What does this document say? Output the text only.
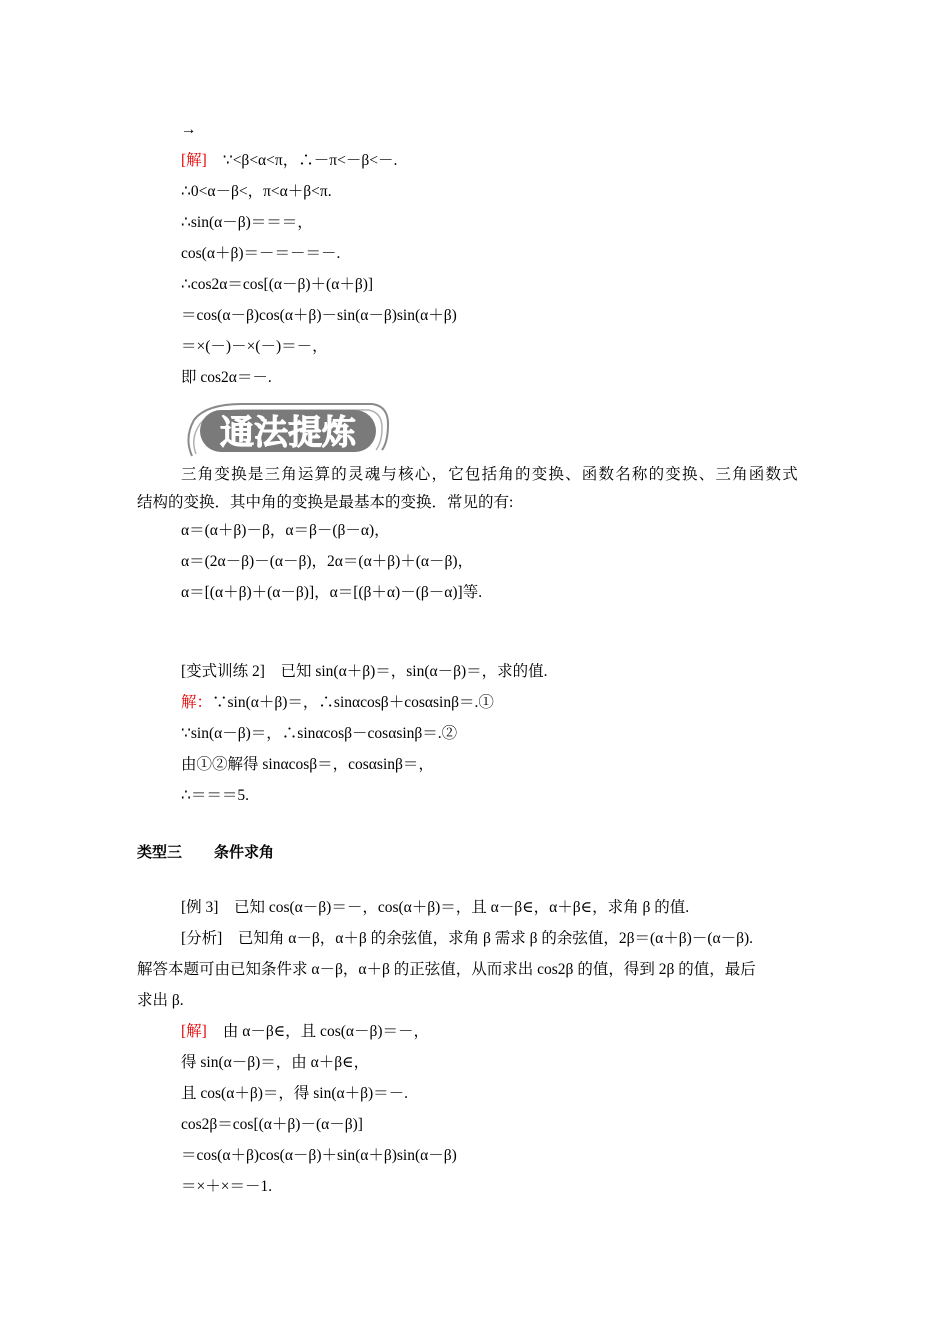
→
[解] ∵<β<α<π，∴－π<－β<－.
∴0<α－β<，π<α＋β<π.
∴sin(α－β)＝＝＝，
cos(α＋β)＝－＝－＝－.
∴cos2α＝cos[(α－β)＋(α＋β)]
＝cos(α－β)cos(α＋β)－sin(α－β)sin(α＋β)
＝×(－)－×(－)＝－，
即 cos2α＝－.
通法提炼
三角变换是三角运算的灵魂与核心，它包括角的变换、函数名称的变换、三角函数式
结构的变换．其中角的变换是最基本的变换．常见的有:
α＝(α＋β)－β，α＝β－(β－α)，
α＝(2α－β)－(α－β)，2α＝(α＋β)＋(α－β)，
α＝[(α＋β)＋(α－β)]，α＝[(β＋α)－(β－α)]等.
[变式训练 2]　已知 sin(α＋β)＝，sin(α－β)＝，求的值.
解：∵sin(α＋β)＝，∴sinαcosβ＋cosαsinβ＝.①
∵sin(α－β)＝，∴sinαcosβ－cosαsinβ＝.②
由①②解得 sinαcosβ＝，cosαsinβ＝，
∴＝＝＝5.
类型三 条件求角
[例 3]　已知 cos(α－β)＝－，cos(α＋β)＝，且 α－β∈，α＋β∈，求角 β 的值.
[分析]　已知角 α－β，α＋β 的余弦值，求角 β 需求 β 的余弦值，2β＝(α＋β)－(α－β).
解答本题可由已知条件求 α－β，α＋β 的正弦值，从而求出 cos2β 的值，得到 2β 的值，最后
求出 β.
[解] 由 α－β∈，且 cos(α－β)＝－，
得 sin(α－β)＝，由 α＋β∈，
且 cos(α＋β)＝，得 sin(α＋β)＝－.
cos2β＝cos[(α＋β)－(α－β)]
＝cos(α＋β)cos(α－β)＋sin(α＋β)sin(α－β)
＝×＋×＝－1.
